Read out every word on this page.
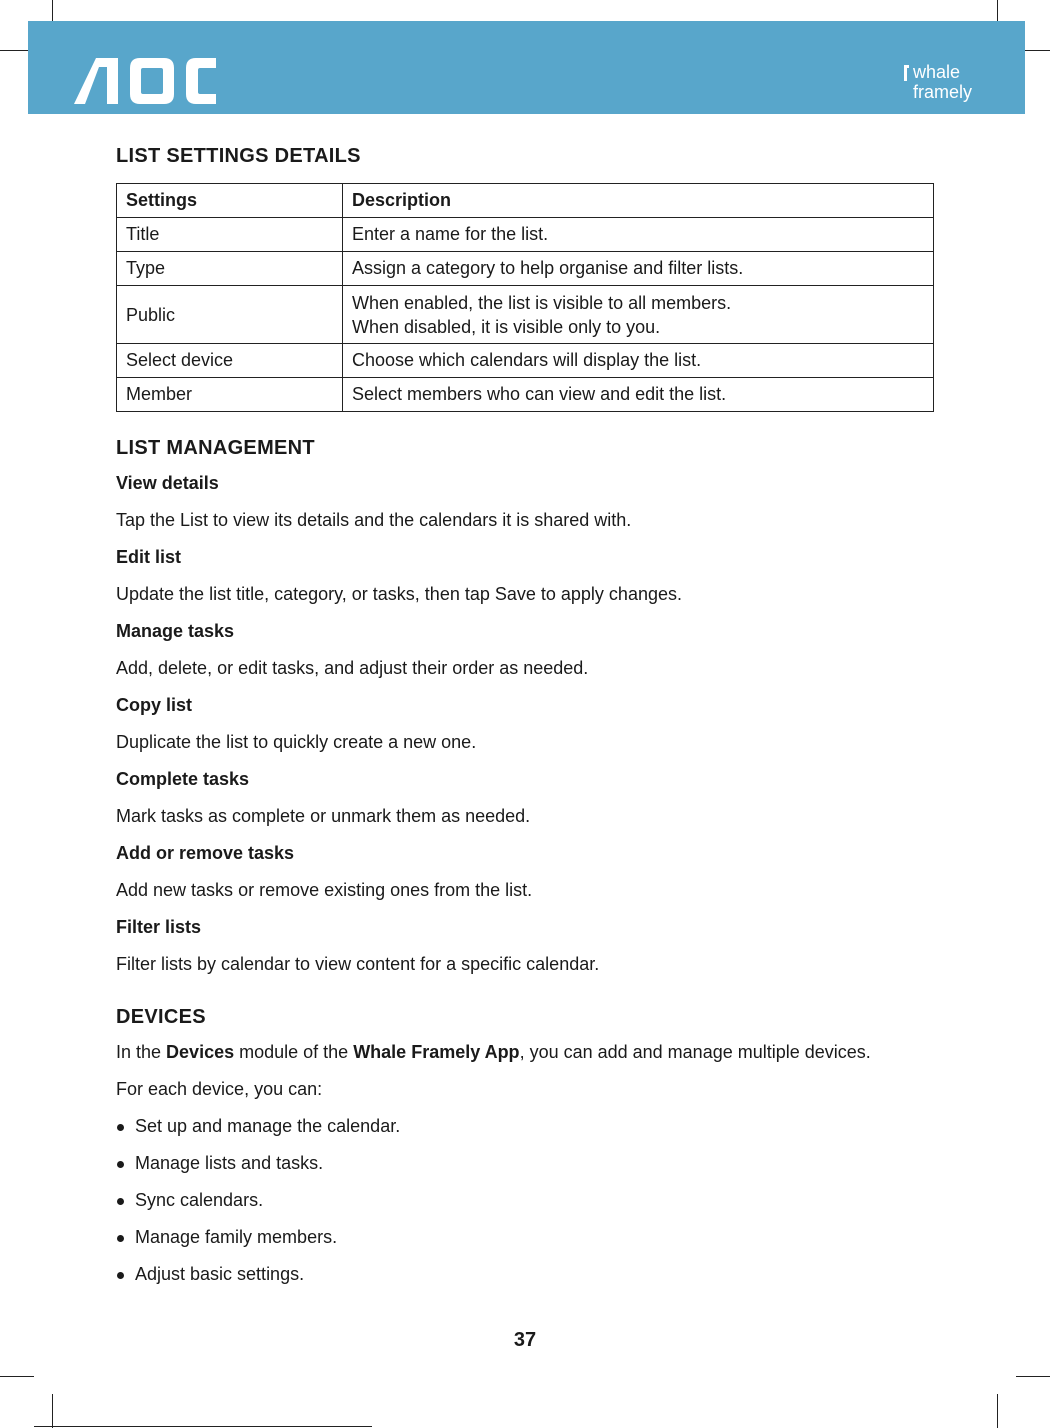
whale
framely
LIST SETTINGS DETAILS
Settings	Description
Title	Enter a name for the list.
Type	Assign a category to help organise and filter lists.
Public	When enabled, the list is visible to all members.
When disabled, it is visible only to you.

Select device	Choose which calendars will display the list.
Member	Select members who can view and edit the list.
LIST MANAGEMENT
View details

Tap the List to view its details and the calendars it is shared with.

Edit list

Update the list title, category, or tasks, then tap Save to apply changes.

Manage tasks

Add, delete, or edit tasks, and adjust their order as needed.

Copy list

Duplicate the list to quickly create a new one.

Complete tasks

Mark tasks as complete or unmark them as needed.

Add or remove tasks

Add new tasks or remove existing ones from the list.

Filter lists

Filter lists by calendar to view content for a specific calendar.

DEVICES

In the Devices module of the Whale Framely App, you can add and manage multiple devices.

For each device, you can:

Set up and manage the calendar.
Manage lists and tasks.
Sync calendars.
Manage family members.
Adjust basic settings.
37
